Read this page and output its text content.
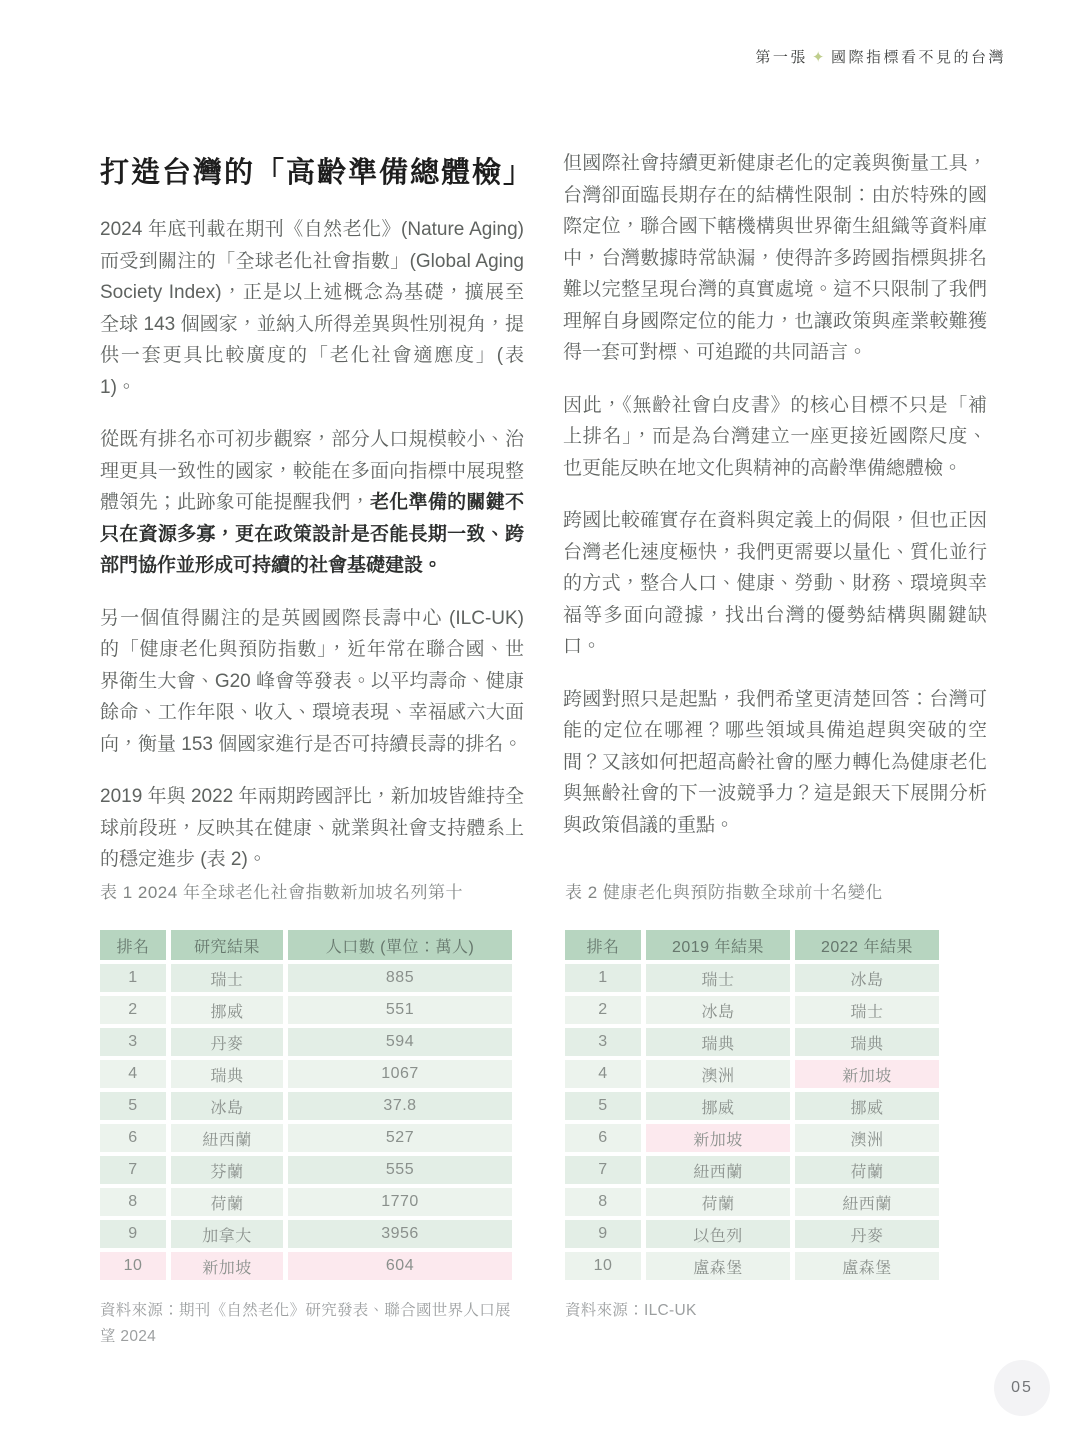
第一張 ✦ 國際指標看不見的台灣
打造台灣的「高齡準備總體檢」

2024 年底刊載在期刊《自然老化》(Nature Aging) 而受到關注的「全球老化社會指數」(Global Aging Society Index)，正是以上述概念為基礎，擴展至全球 143 個國家，並納入所得差異與性別視角，提供一套更具比較廣度的「老化社會適應度」(表 1)。

從既有排名亦可初步觀察，部分人口規模較小、治理更具一致性的國家，較能在多面向指標中展現整體領先；此跡象可能提醒我們，老化準備的關鍵不只在資源多寡，更在政策設計是否能長期一致、跨部門協作並形成可持續的社會基礎建設。

另一個值得關注的是英國國際長壽中心 (ILC-UK) 的「健康老化與預防指數」，近年常在聯合國、世界衛生大會、G20 峰會等發表。以平均壽命、健康餘命、工作年限、收入、環境表現、幸福感六大面向，衡量 153 個國家進行是否可持續長壽的排名。

2019 年與 2022 年兩期跨國評比，新加坡皆維持全球前段班，反映其在健康、就業與社會支持體系上的穩定進步 (表 2)。

但國際社會持續更新健康老化的定義與衡量工具，台灣卻面臨長期存在的結構性限制：由於特殊的國際定位，聯合國下轄機構與世界衛生組織等資料庫中，台灣數據時常缺漏，使得許多跨國指標與排名難以完整呈現台灣的真實處境。這不只限制了我們理解自身國際定位的能力，也讓政策與產業較難獲得一套可對標、可追蹤的共同語言。

因此，《無齡社會白皮書》的核心目標不只是「補上排名」，而是為台灣建立一座更接近國際尺度、也更能反映在地文化與精神的高齡準備總體檢。

跨國比較確實存在資料與定義上的侷限，但也正因台灣老化速度極快，我們更需要以量化、質化並行的方式，整合人口、健康、勞動、財務、環境與幸福等多面向證據，找出台灣的優勢結構與關鍵缺口。

跨國對照只是起點，我們希望更清楚回答：台灣可能的定位在哪裡？哪些領域具備追趕與突破的空間？又該如何把超高齡社會的壓力轉化為健康老化與無齡社會的下一波競爭力？這是銀天下展開分析與政策倡議的重點。

表 1 2024 年全球老化社會指數新加坡名列第十

排名	研究結果	人口數 (單位：萬人)
1	瑞士	885
2	挪威	551
3	丹麥	594
4	瑞典	1067
5	冰島	37.8
6	紐西蘭	527
7	芬蘭	555
8	荷蘭	1770
9	加拿大	3956
10	新加坡	604

資料來源：期刊《自然老化》研究發表、聯合國世界人口展望 2024

表 2 健康老化與預防指數全球前十名變化

排名	2019 年結果	2022 年結果
1	瑞士	冰島
2	冰島	瑞士
3	瑞典	瑞典
4	澳洲	新加坡
5	挪威	挪威
6	新加坡	澳洲
7	紐西蘭	荷蘭
8	荷蘭	紐西蘭
9	以色列	丹麥
10	盧森堡	盧森堡

資料來源：ILC-UK

05
